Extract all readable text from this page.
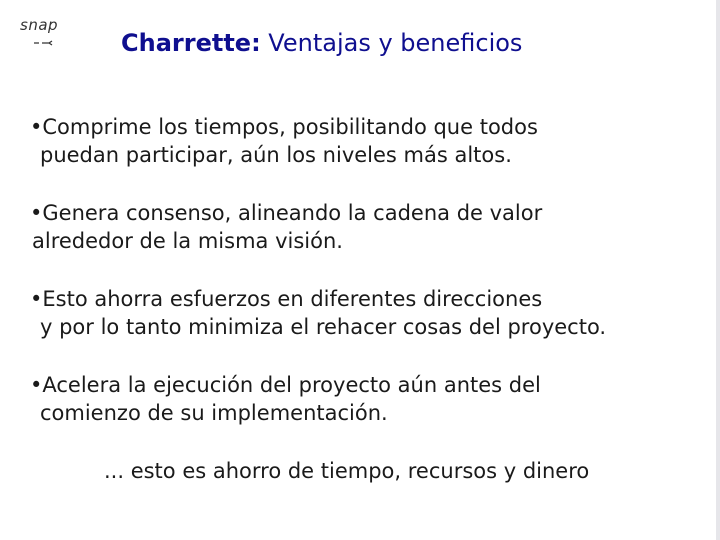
snap
Charrette: Ventajas y beneficios
•Comprime los tiempos, posibilitando que todos
puedan participar, aún los niveles más altos.
•Genera consenso, alineando la cadena de valor
alrededor de la misma visión.
•Esto ahorra esfuerzos en diferentes direcciones
y por lo tanto minimiza el rehacer cosas del proyecto.
•Acelera la ejecución del proyecto aún antes del
comienzo de su implementación.
... esto es ahorro de tiempo, recursos y dinero
